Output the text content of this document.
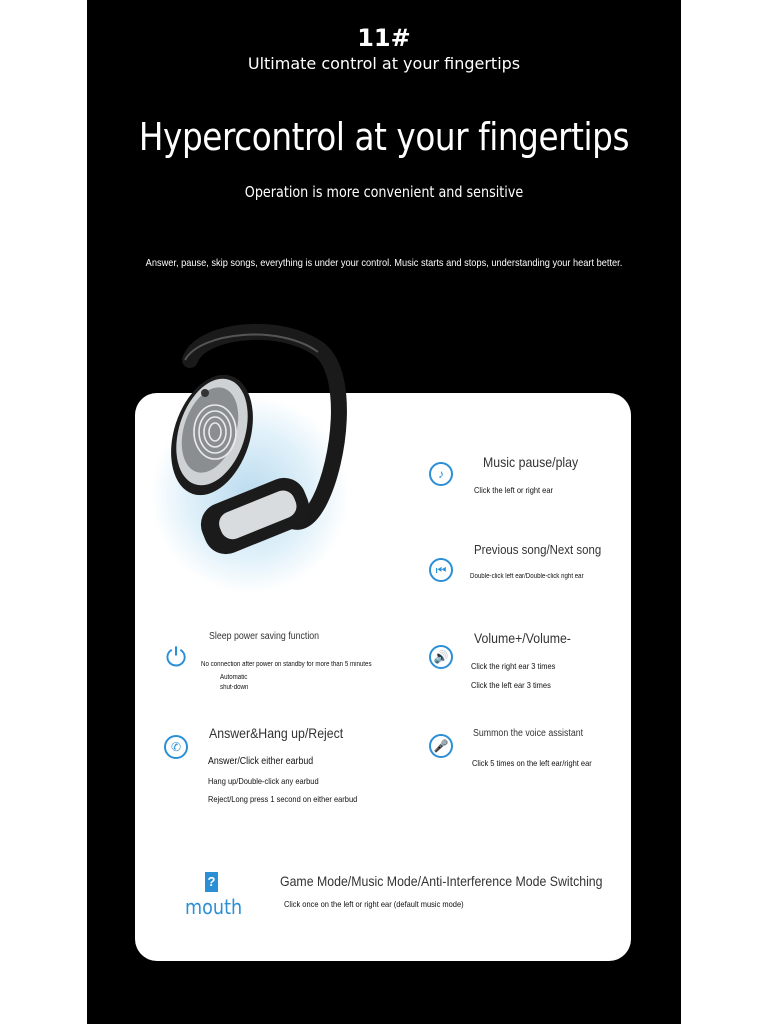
11#
Ultimate control at your fingertips
Hypercontrol at your fingertips
Operation is more convenient and sensitive
Answer, pause, skip songs, everything is under your control. Music starts and stops, understanding your heart better.
♪
Music pause/play
Click the left or right ear
⏮
Previous song/Next song
Double-click left ear/Double-click right ear
⏻
Sleep power saving function
No connection after power on standby for more than 5 minutes
Automatic
shut-down
🔊
Volume+/Volume-
Click the right ear 3 times
Click the left ear 3 times
✆
Answer&Hang up/Reject
Answer/Click either earbud
Hang up/Double-click any earbud
Reject/Long press 1 second on either earbud
🎤
Summon the voice assistant
Click 5 times on the left ear/right ear
?
mouth
Game Mode/Music Mode/Anti-Interference Mode Switching
Click once on the left or right ear (default music mode)
